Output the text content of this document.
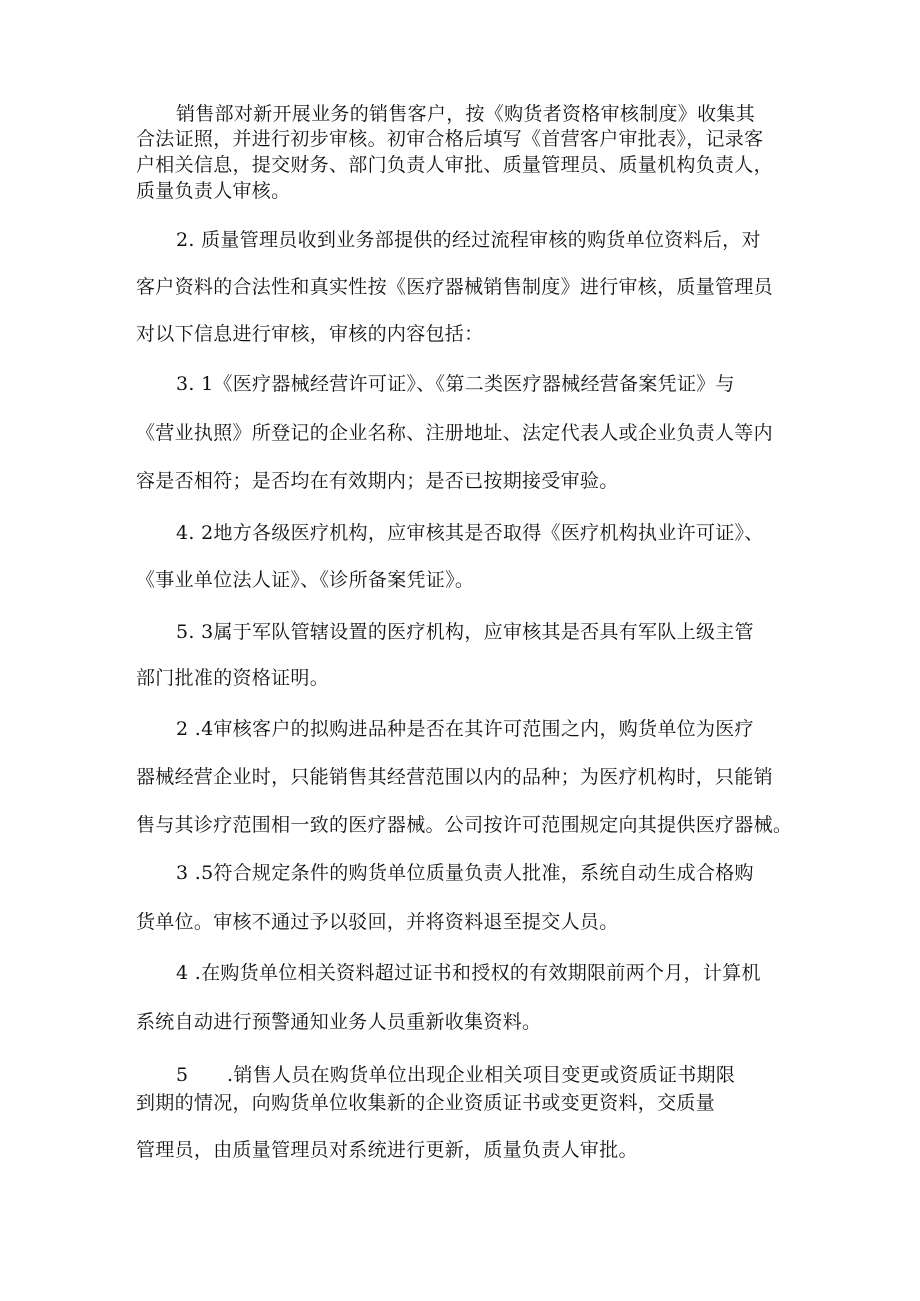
销售部对新开展业务的销售客户，按《购货者资格审核制度》收集其
合法证照，并进行初步审核。初审合格后填写《首营客户审批表》，记录客
户相关信息，提交财务、部门负责人审批、质量管理员、质量机构负责人，
质量负责人审核。
2. 质量管理员收到业务部提供的经过流程审核的购货单位资料后，对
客户资料的合法性和真实性按《医疗器械销售制度》进行审核，质量管理员
对以下信息进行审核，审核的内容包括：
3. 1《医疗器械经营许可证》、《第二类医疗器械经营备案凭证》与
《营业执照》所登记的企业名称、注册地址、法定代表人或企业负责人等内
容是否相符；是否均在有效期内；是否已按期接受审验。
4. 2地方各级医疗机构，应审核其是否取得《医疗机构执业许可证》、
《事业单位法人证》、《诊所备案凭证》。
5. 3属于军队管辖设置的医疗机构，应审核其是否具有军队上级主管
部门批准的资格证明。
2 .4审核客户的拟购进品种是否在其许可范围之内，购货单位为医疗
器械经营企业时，只能销售其经营范围以内的品种；为医疗机构时，只能销
售与其诊疗范围相一致的医疗器械。公司按许可范围规定向其提供医疗器械。
3 .5符合规定条件的购货单位质量负责人批准，系统自动生成合格购
货单位。审核不通过予以驳回，并将资料退至提交人员。
4 .在购货单位相关资料超过证书和授权的有效期限前两个月，计算机
系统自动进行预警通知业务人员重新收集资料。
5　　.销售人员在购货单位出现企业相关项目变更或资质证书期限
到期的情况，向购货单位收集新的企业资质证书或变更资料，交质量
管理员，由质量管理员对系统进行更新，质量负责人审批。
